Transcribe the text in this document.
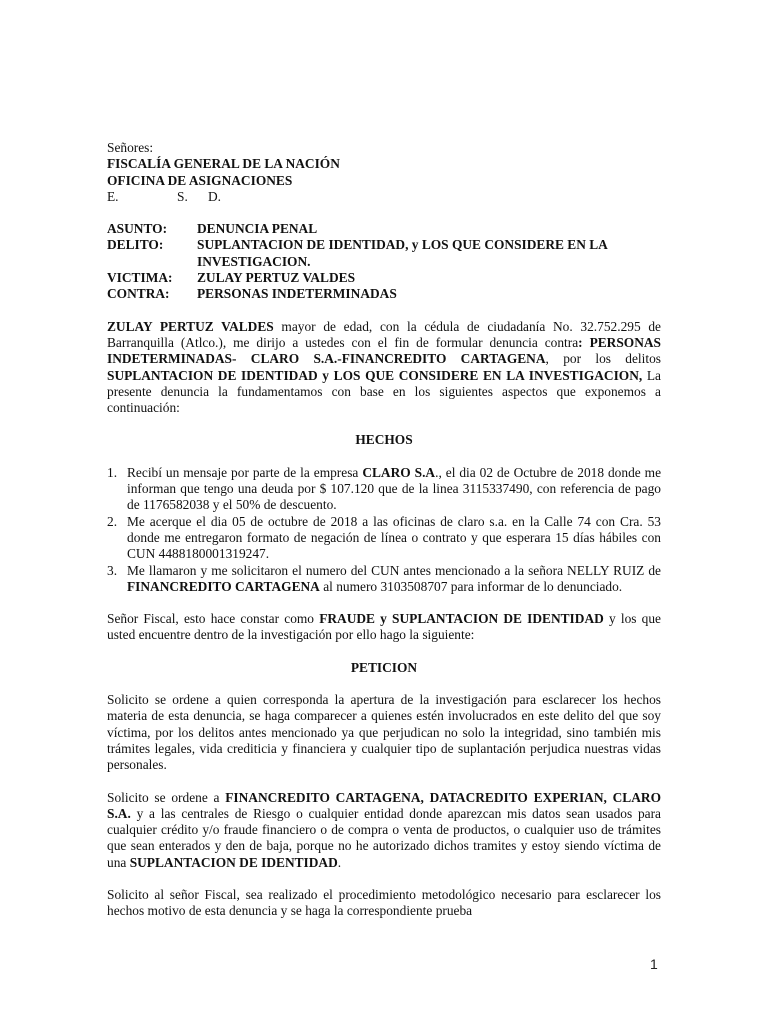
Señores:
FISCALÍA GENERAL DE LA NACIÓN
OFICINA DE ASIGNACIONES
E.	S. D.
ASUNTO:	DENUNCIA PENAL
DELITO:	SUPLANTACION DE IDENTIDAD, y LOS QUE CONSIDERE EN LA INVESTIGACION.
VICTIMA:	ZULAY PERTUZ VALDES
CONTRA:	PERSONAS INDETERMINADAS
ZULAY PERTUZ VALDES mayor de edad, con la cédula de ciudadanía No. 32.752.295 de Barranquilla (Atlco.), me dirijo a ustedes con el fin de formular denuncia contra: PERSONAS INDETERMINADAS- CLARO S.A.-FINANCREDITO CARTAGENA, por los delitos SUPLANTACION DE IDENTIDAD y LOS QUE CONSIDERE EN LA INVESTIGACION, La presente denuncia la fundamentamos con base en los siguientes aspectos que exponemos a continuación:
HECHOS
1. Recibí un mensaje por parte de la empresa CLARO S.A., el dia 02 de Octubre de 2018 donde me informan que tengo una deuda por $ 107.120 que de la linea 3115337490, con referencia de pago de 1176582038 y el 50% de descuento.
2. Me acerque el dia 05 de octubre de 2018 a las oficinas de claro s.a. en la Calle 74 con Cra. 53 donde me entregaron formato de negación de línea o contrato y que esperara 15 días hábiles con CUN 4488180001319247.
3. Me llamaron y me solicitaron el numero del CUN antes mencionado a la señora NELLY RUIZ de FINANCREDITO CARTAGENA al numero 3103508707 para informar de lo denunciado.
Señor Fiscal, esto hace constar como FRAUDE y SUPLANTACION DE IDENTIDAD y los que usted encuentre dentro de la investigación por ello hago la siguiente:
PETICION
Solicito se ordene a quien corresponda la apertura de la investigación para esclarecer los hechos materia de esta denuncia, se haga comparecer a quienes estén involucrados en este delito del que soy víctima, por los delitos antes mencionado ya que perjudican no solo la integridad, sino también mis trámites legales, vida crediticia y financiera y cualquier tipo de suplantación perjudica nuestras vidas personales.
Solicito se ordene a FINANCREDITO CARTAGENA, DATACREDITO EXPERIAN, CLARO S.A. y a las centrales de Riesgo o cualquier entidad donde aparezcan mis datos sean usados para cualquier crédito y/o fraude financiero o de compra o venta de productos, o cualquier uso de trámites que sean enterados y den de baja, porque no he autorizado dichos tramites y estoy siendo víctima de una SUPLANTACION DE IDENTIDAD.
Solicito al señor Fiscal, sea realizado el procedimiento metodológico necesario para esclarecer los hechos motivo de esta denuncia y se haga la correspondiente prueba
1
